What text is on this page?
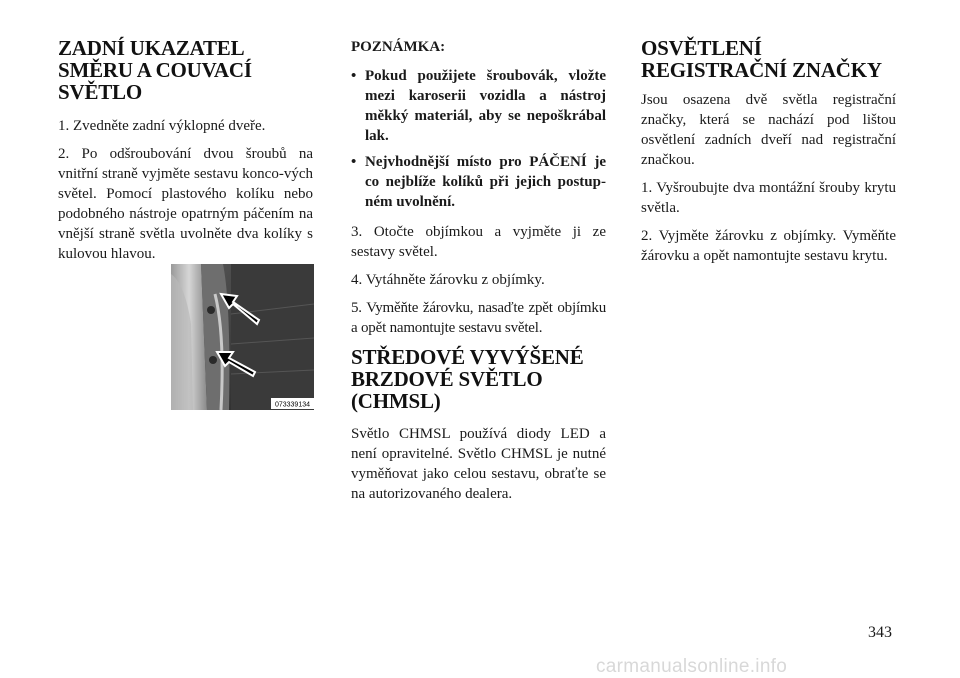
ZADNÍ UKAZATEL
SMĚRU A COUVACÍ
SVĚTLO

1. Zvedněte zadní výklopné dveře.

2. Po odšroubování dvou šroubů na vnitřní straně vyjměte sestavu konco-vých světel. Pomocí plastového kolíku nebo podobného nástroje opatrným páčením na vnější straně světla uvolněte dva kolíky s kulovou hlavou.

073339134

POZNÁMKA:

• Pokud použijete šroubovák, vložte mezi karoserii vozidla a nástroj měkký materiál, aby se nepoškrábal lak.
• Nejvhodnější místo pro PÁČENÍ je co nejblíže kolíků při jejich postup-ném uvolnění.

3. Otočte objímkou a vyjměte ji ze sestavy světel.

4. Vytáhněte žárovku z objímky.

5. Vyměňte žárovku, nasaďte zpět objímku a opět namontujte sestavu světel.

STŘEDOVÉ VYVÝŠENÉ
BRZDOVÉ SVĚTLO
(CHMSL)

Světlo CHMSL používá diody LED a není opravitelné. Světlo CHMSL je nutné vyměňovat jako celou sestavu, obraťte se na autorizovaného dealera.

OSVĚTLENÍ
REGISTRAČNÍ ZNAČKY

Jsou osazena dvě světla registrační značky, která se nachází pod lištou osvětlení zadních dveří nad registrační značkou.

1. Vyšroubujte dva montážní šrouby krytu světla.

2. Vyjměte žárovku z objímky. Vyměňte žárovku a opět namontujte sestavu krytu.

343
carmanualsonline.info
